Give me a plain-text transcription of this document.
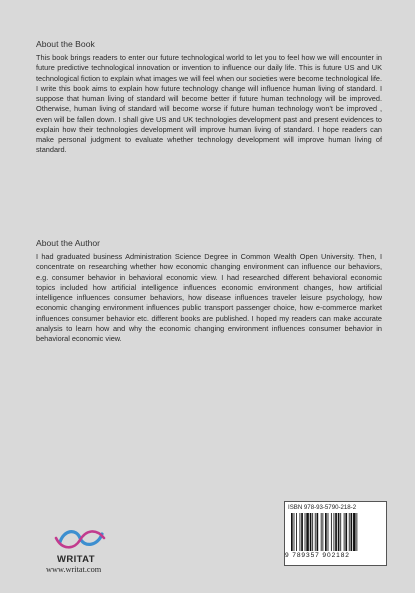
About the Book
This book brings readers to enter our future technological world to let you to feel how we will encounter in future predictive technological innovation or invention to influence our daily life. This is future US and UK technological fiction to explain what images we will feel when our societies were become technological life. I write this book aims to explain how future technology change will influence human living of standard. I suppose that human living of standard will become better if future human technology will be improved. Otherwise, human living of standard will become worse if future human technology won't be improved , even will be fallen down. I shall give US and UK technologies development past and present evidences to explain how their technologies development will improve human living of standard. I hope readers can make personal judgment to evaluate whether technology development will improve human living of standard.
About the Author
I had graduated business Administration Science Degree in Common Wealth Open University. Then, I concentrate on researching whether how economic changing environment can influence our behaviors, e.g. consumer behavior in behavioral economic view. I had researched different behavioral economic topics included how artificial intelligence influences economic environment changes, how artificial intelligence influences consumer behaviors, how disease influences traveler leisure psychology, how economic changing environment influences public transport passenger choice, how e-commerce market influences consumer behavior etc. different books are published. I hoped my readers can make accurate analysis to learn how and why the economic changing environment influences consumer behavior in behavioral economic view.
WRITAT
www.writat.com
ISBN 978-93-5790-218-2
9 789357 902182
